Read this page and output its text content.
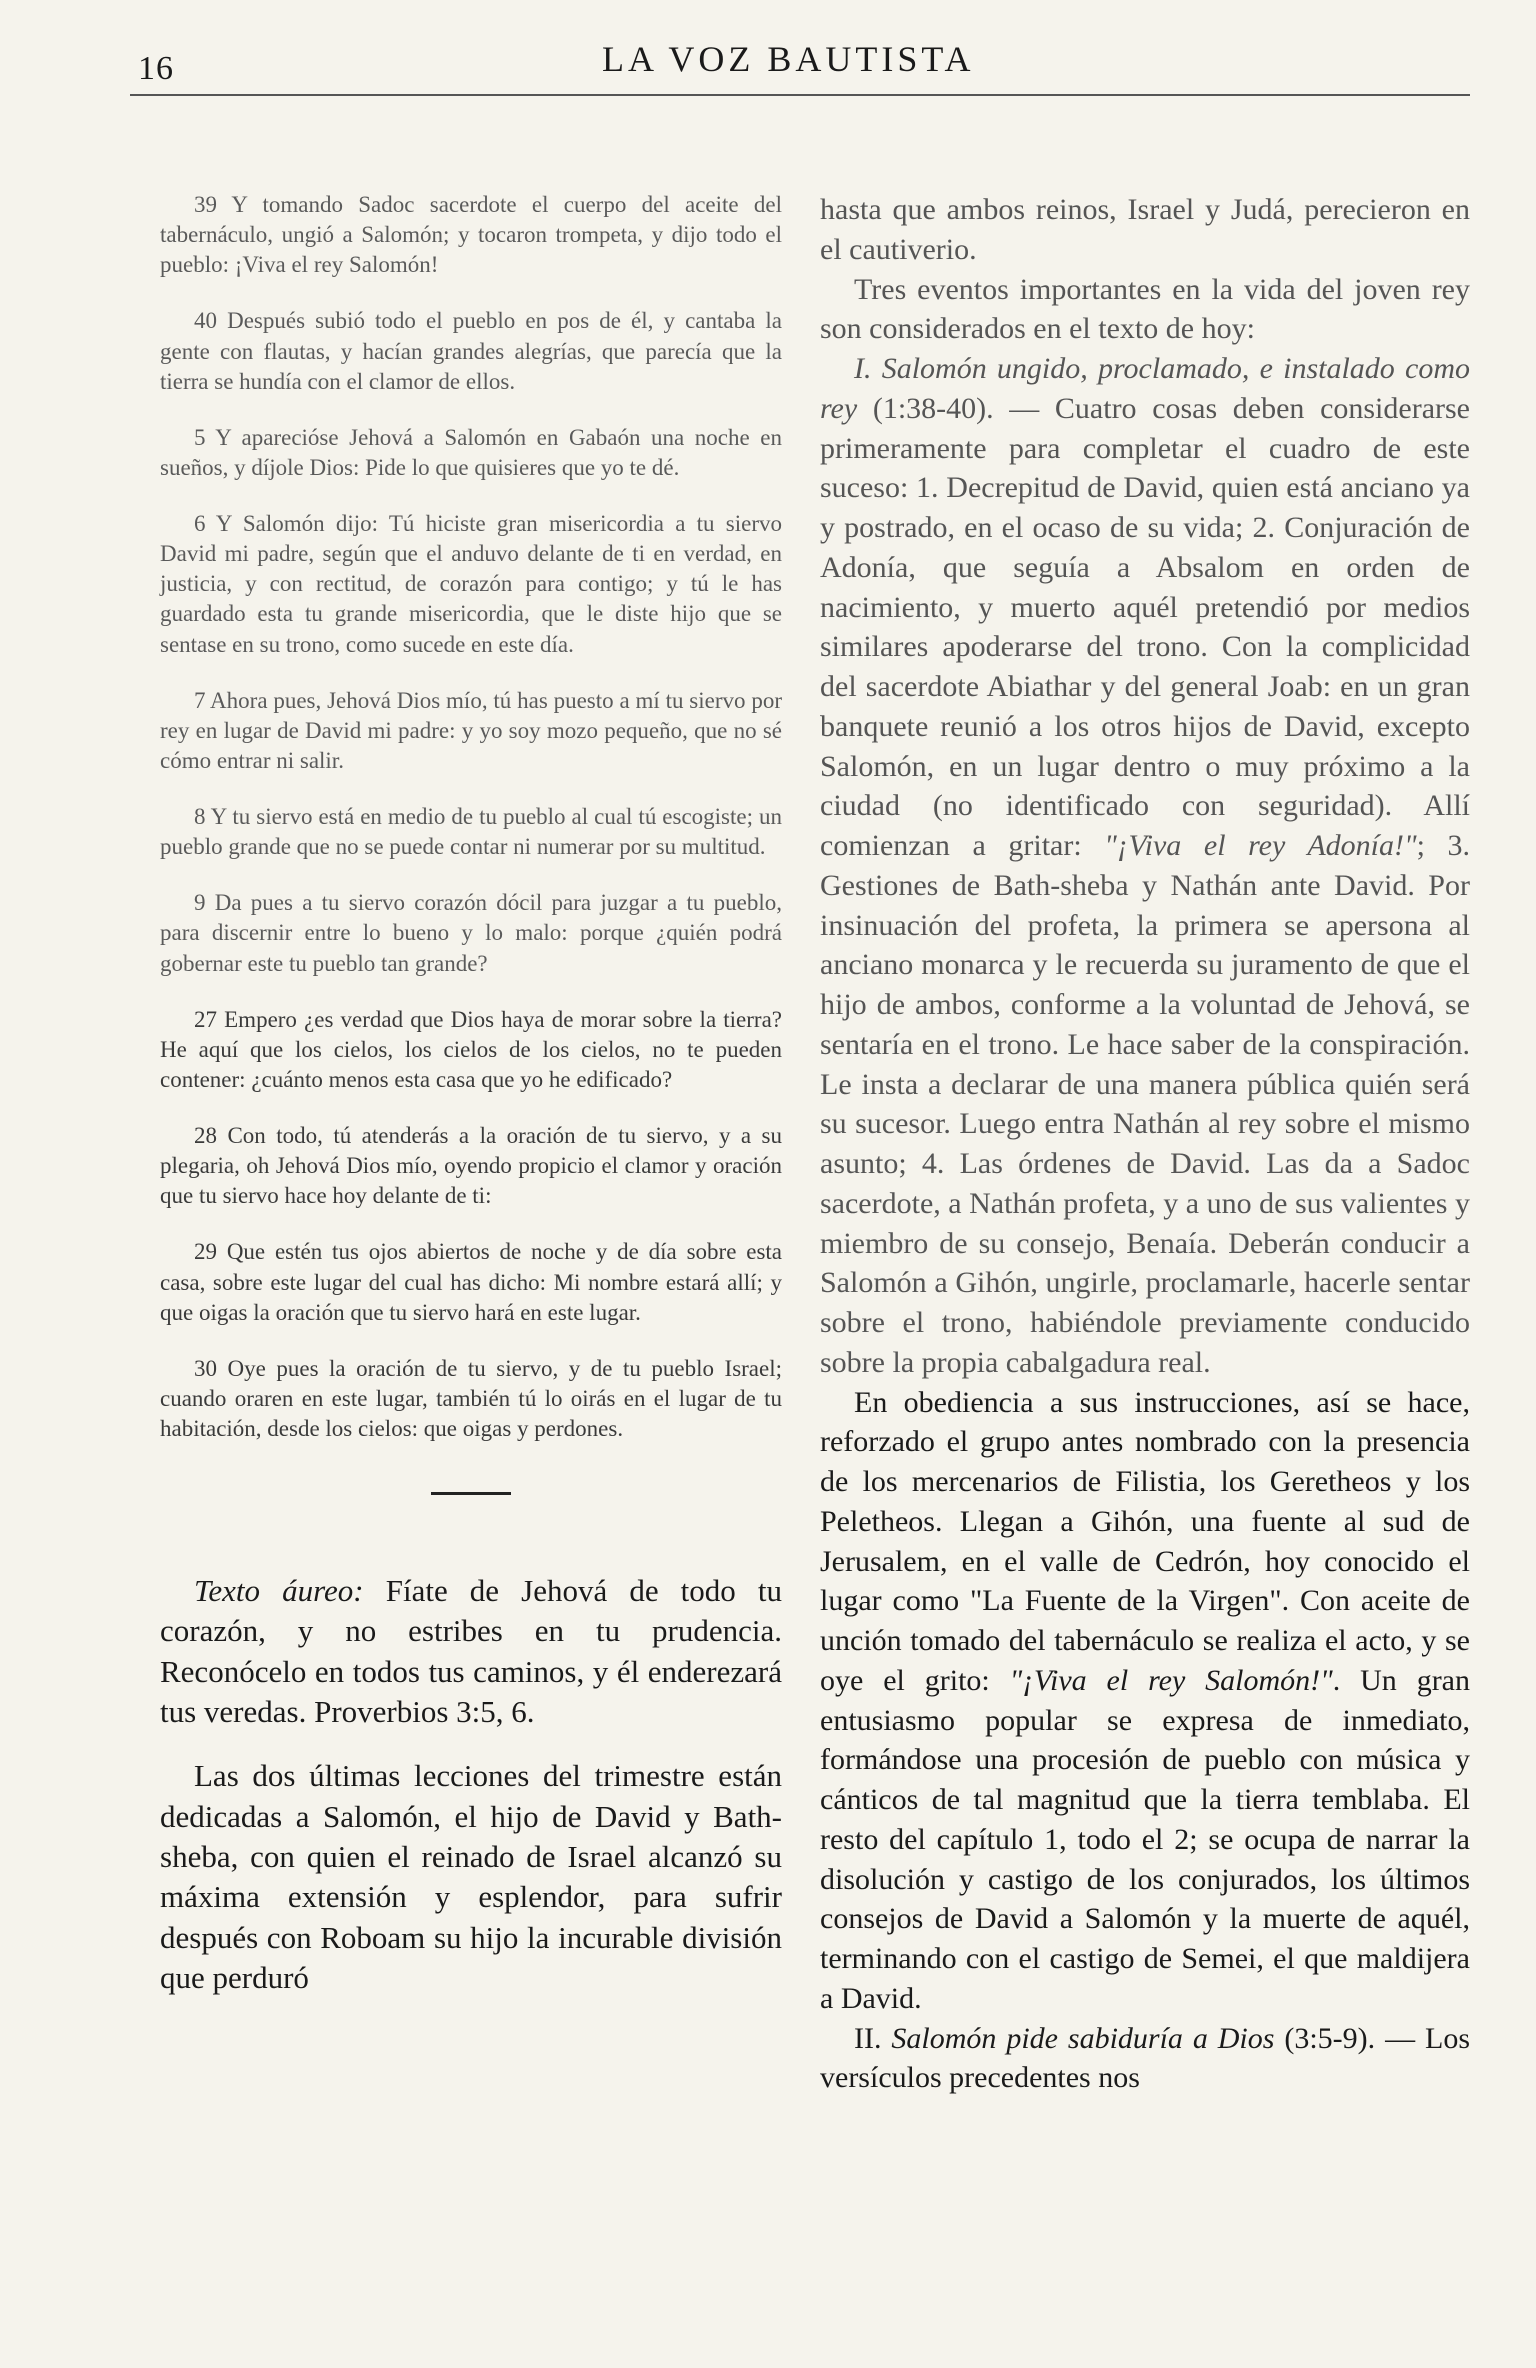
16	LA VOZ BAUTISTA

39 Y tomando Sadoc sacerdote el cuerpo del aceite del tabernáculo, ungió a Salomón; y tocaron trompeta, y dijo todo el pueblo: ¡Viva el rey Salomón!

40 Después subió todo el pueblo en pos de él, y cantaba la gente con flautas, y hacían grandes alegrías, que parecía que la tierra se hundía con el clamor de ellos.

5 Y aparecióse Jehová a Salomón en Gabaón una noche en sueños, y díjole Dios: Pide lo que quisieres que yo te dé.

6 Y Salomón dijo: Tú hiciste gran misericordia a tu siervo David mi padre, según que el anduvo delante de ti en verdad, en justicia, y con rectitud, de corazón para contigo; y tú le has guardado esta tu grande misericordia, que le diste hijo que se sentase en su trono, como sucede en este día.

7 Ahora pues, Jehová Dios mío, tú has puesto a mí tu siervo por rey en lugar de David mi padre: y yo soy mozo pequeño, que no sé cómo entrar ni salir.

8 Y tu siervo está en medio de tu pueblo al cual tú escogiste; un pueblo grande que no se puede contar ni numerar por su multitud.

9 Da pues a tu siervo corazón dócil para juzgar a tu pueblo, para discernir entre lo bueno y lo malo: porque ¿quién podrá gobernar este tu pueblo tan grande?

27 Empero ¿es verdad que Dios haya de morar sobre la tierra? He aquí que los cielos, los cielos de los cielos, no te pueden contener: ¿cuánto menos esta casa que yo he edificado?

28 Con todo, tú atenderás a la oración de tu siervo, y a su plegaria, oh Jehová Dios mío, oyendo propicio el clamor y oración que tu siervo hace hoy delante de ti:

29 Que estén tus ojos abiertos de noche y de día sobre esta casa, sobre este lugar del cual has dicho: Mi nombre estará allí; y que oigas la oración que tu siervo hará en este lugar.

30 Oye pues la oración de tu siervo, y de tu pueblo Israel; cuando oraren en este lugar, también tú lo oirás en el lugar de tu habitación, desde los cielos: que oigas y perdones.

Texto áureo: Fíate de Jehová de todo tu corazón, y no estribes en tu prudencia. Reconócelo en todos tus caminos, y él enderezará tus veredas. Proverbios 3:5, 6.

Las dos últimas lecciones del trimestre están dedicadas a Salomón, el hijo de David y Bath-sheba, con quien el reinado de Israel alcanzó su máxima extensión y esplendor, para sufrir después con Roboam su hijo la incurable división que perduró

hasta que ambos reinos, Israel y Judá, perecieron en el cautiverio.

Tres eventos importantes en la vida del joven rey son considerados en el texto de hoy:

I. Salomón ungido, proclamado, e instalado como rey (1:38-40). — Cuatro cosas deben considerarse primeramente para completar el cuadro de este suceso: 1. Decrepitud de David, quien está anciano ya y postrado, en el ocaso de su vida; 2. Conjuración de Adonía, que seguía a Absalom en orden de nacimiento, y muerto aquél pretendió por medios similares apoderarse del trono. Con la complicidad del sacerdote Abiathar y del general Joab: en un gran banquete reunió a los otros hijos de David, excepto Salomón, en un lugar dentro o muy próximo a la ciudad (no identificado con seguridad). Allí comienzan a gritar: "¡Viva el rey Adonía!"; 3. Gestiones de Bath-sheba y Nathán ante David. Por insinuación del profeta, la primera se apersona al anciano monarca y le recuerda su juramento de que el hijo de ambos, conforme a la voluntad de Jehová, se sentaría en el trono. Le hace saber de la conspiración. Le insta a declarar de una manera pública quién será su sucesor. Luego entra Nathán al rey sobre el mismo asunto; 4. Las órdenes de David. Las da a Sadoc sacerdote, a Nathán profeta, y a uno de sus valientes y miembro de su consejo, Benaía. Deberán conducir a Salomón a Gihón, ungirle, proclamarle, hacerle sentar sobre el trono, habiéndole previamente conducido sobre la propia cabalgadura real.

En obediencia a sus instrucciones, así se hace, reforzado el grupo antes nombrado con la presencia de los mercenarios de Filistia, los Geretheos y los Peletheos. Llegan a Gihón, una fuente al sud de Jerusalem, en el valle de Cedrón, hoy conocido el lugar como "La Fuente de la Virgen". Con aceite de unción tomado del tabernáculo se realiza el acto, y se oye el grito: "¡Viva el rey Salomón!". Un gran entusiasmo popular se expresa de inmediato, formándose una procesión de pueblo con música y cánticos de tal magnitud que la tierra temblaba. El resto del capítulo 1, todo el 2; se ocupa de narrar la disolución y castigo de los conjurados, los últimos consejos de David a Salomón y la muerte de aquél, terminando con el castigo de Semei, el que maldijera a David.

II. Salomón pide sabiduría a Dios (3:5-9). — Los versículos precedentes nos
